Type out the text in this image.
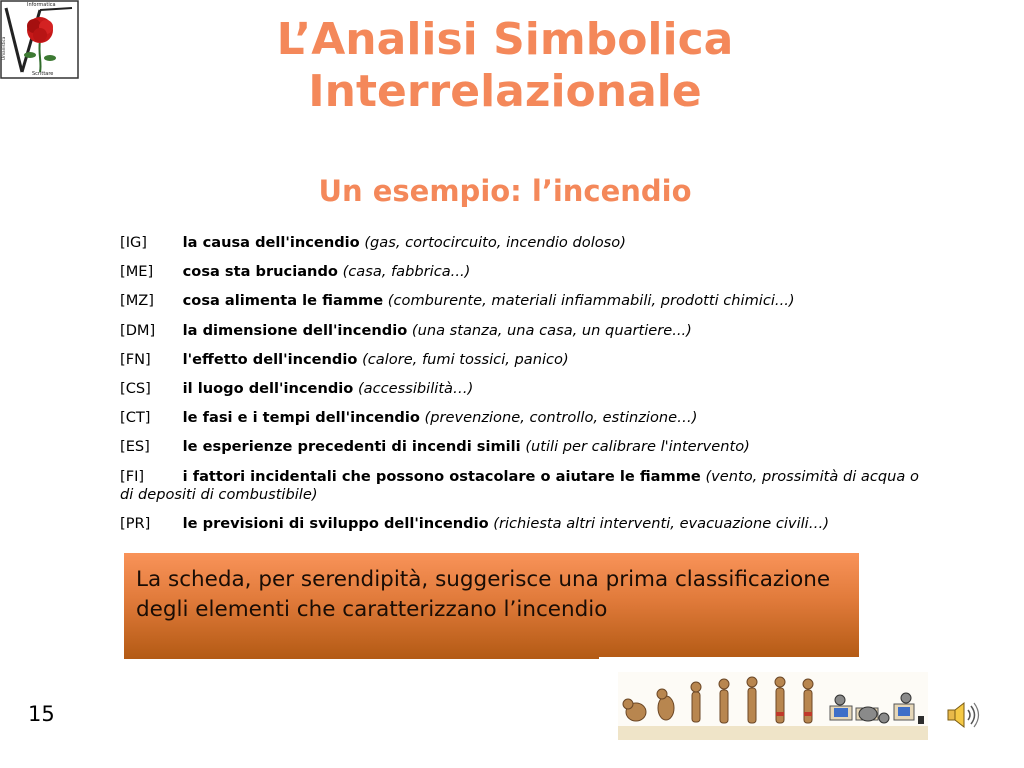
Informatica
Scrittare
Umanistica	L’Analisi Simbolica
Interrelazionale
Un esempio: l’incendio
[IG] la causa dell'incendio (gas, cortocircuito, incendio doloso)
[ME] cosa sta bruciando (casa, fabbrica...)
[MZ] cosa alimenta le fiamme (comburente, materiali infiammabili, prodotti chimici...)
[DM] la dimensione dell'incendio (una stanza, una casa, un quartiere...)
[FN] l'effetto dell'incendio (calore, fumi tossici, panico)
[CS] il luogo dell'incendio (accessibilità…)
[CT] le fasi e i tempi dell'incendio (prevenzione, controllo, estinzione…)
[ES] le esperienze precedenti di incendi simili (utili per calibrare l'intervento)
[FI]	i fattori incidentali che possono ostacolare o aiutare le fiamme (vento, prossimità di acqua o di depositi di combustibile)
[PR] le previsioni di sviluppo dell'incendio (richiesta altri interventi, evacuazione civili…)
La scheda, per serendipità, suggerisce una prima classificazione degli elementi che caratterizzano l’incendio
15
